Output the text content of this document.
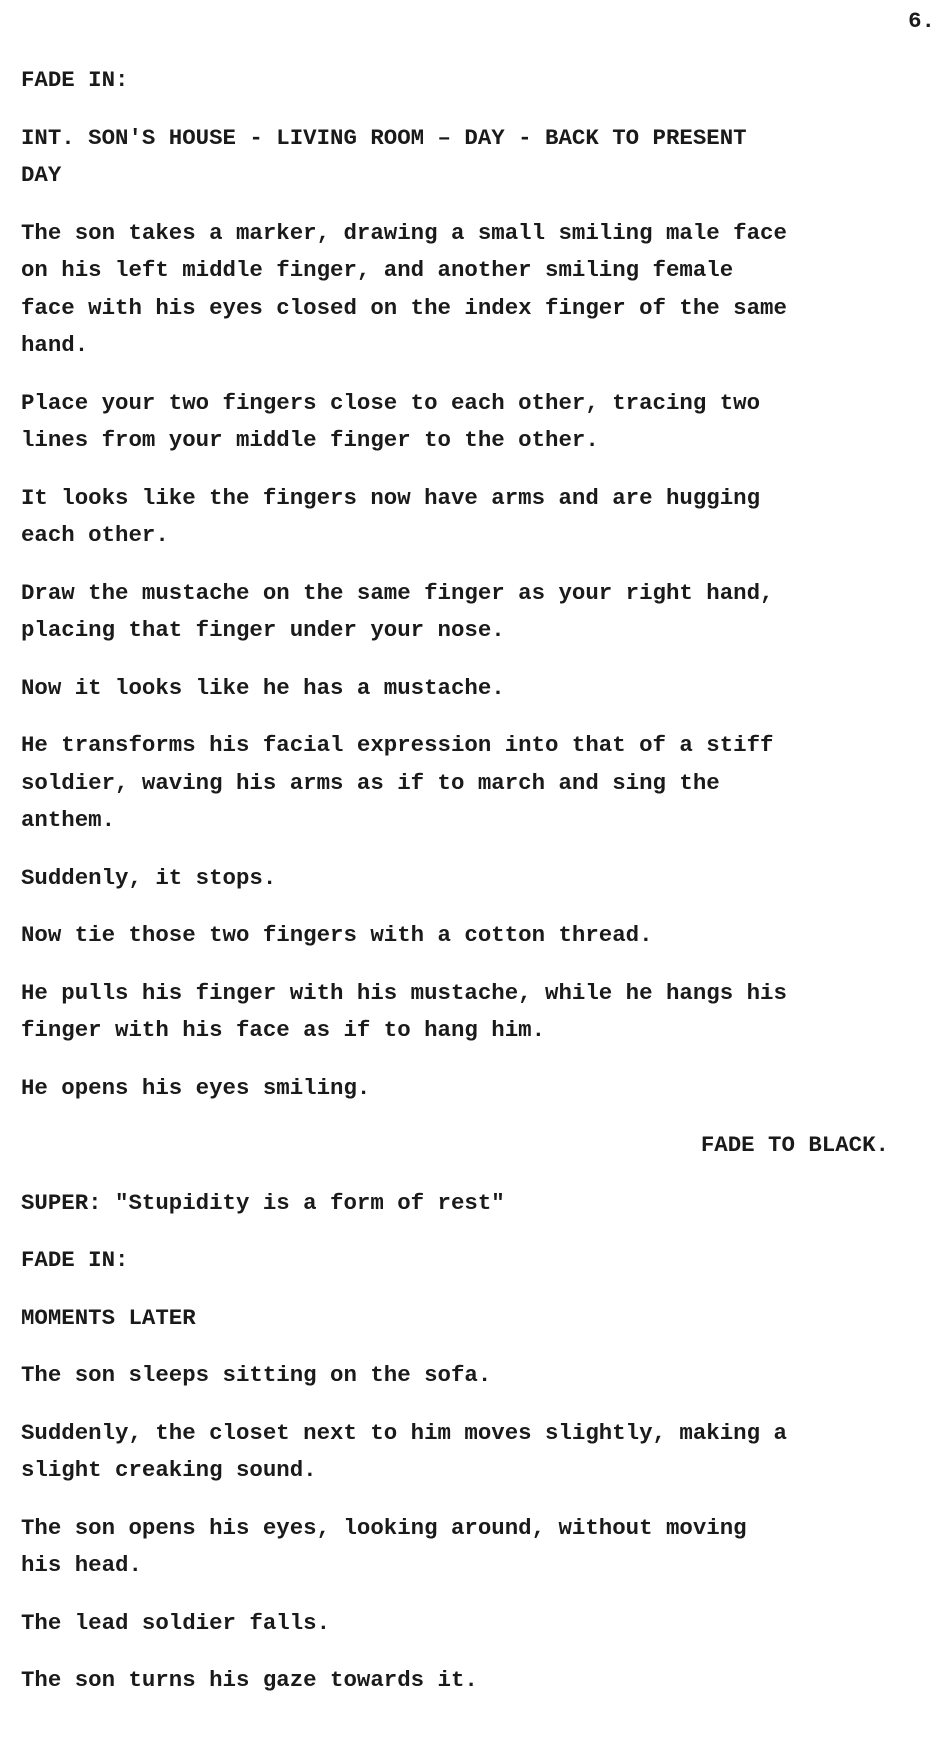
6.

FADE IN:

INT. SON'S HOUSE - LIVING ROOM – DAY - BACK TO PRESENT
DAY

The son takes a marker, drawing a small smiling male face
on his left middle finger, and another smiling female
face with his eyes closed on the index finger of the same
hand.

Place your two fingers close to each other, tracing two
lines from your middle finger to the other.

It looks like the fingers now have arms and are hugging
each other.

Draw the mustache on the same finger as your right hand,
placing that finger under your nose.

Now it looks like he has a mustache.

He transforms his facial expression into that of a stiff
soldier, waving his arms as if to march and sing the
anthem.

Suddenly, it stops.

Now tie those two fingers with a cotton thread.

He pulls his finger with his mustache, while he hangs his
finger with his face as if to hang him.

He opens his eyes smiling.

FADE TO BLACK.

SUPER: "Stupidity is a form of rest"

FADE IN:

MOMENTS LATER

The son sleeps sitting on the sofa.

Suddenly, the closet next to him moves slightly, making a
slight creaking sound.

The son opens his eyes, looking around, without moving
his head.

The lead soldier falls.

The son turns his gaze towards it.
